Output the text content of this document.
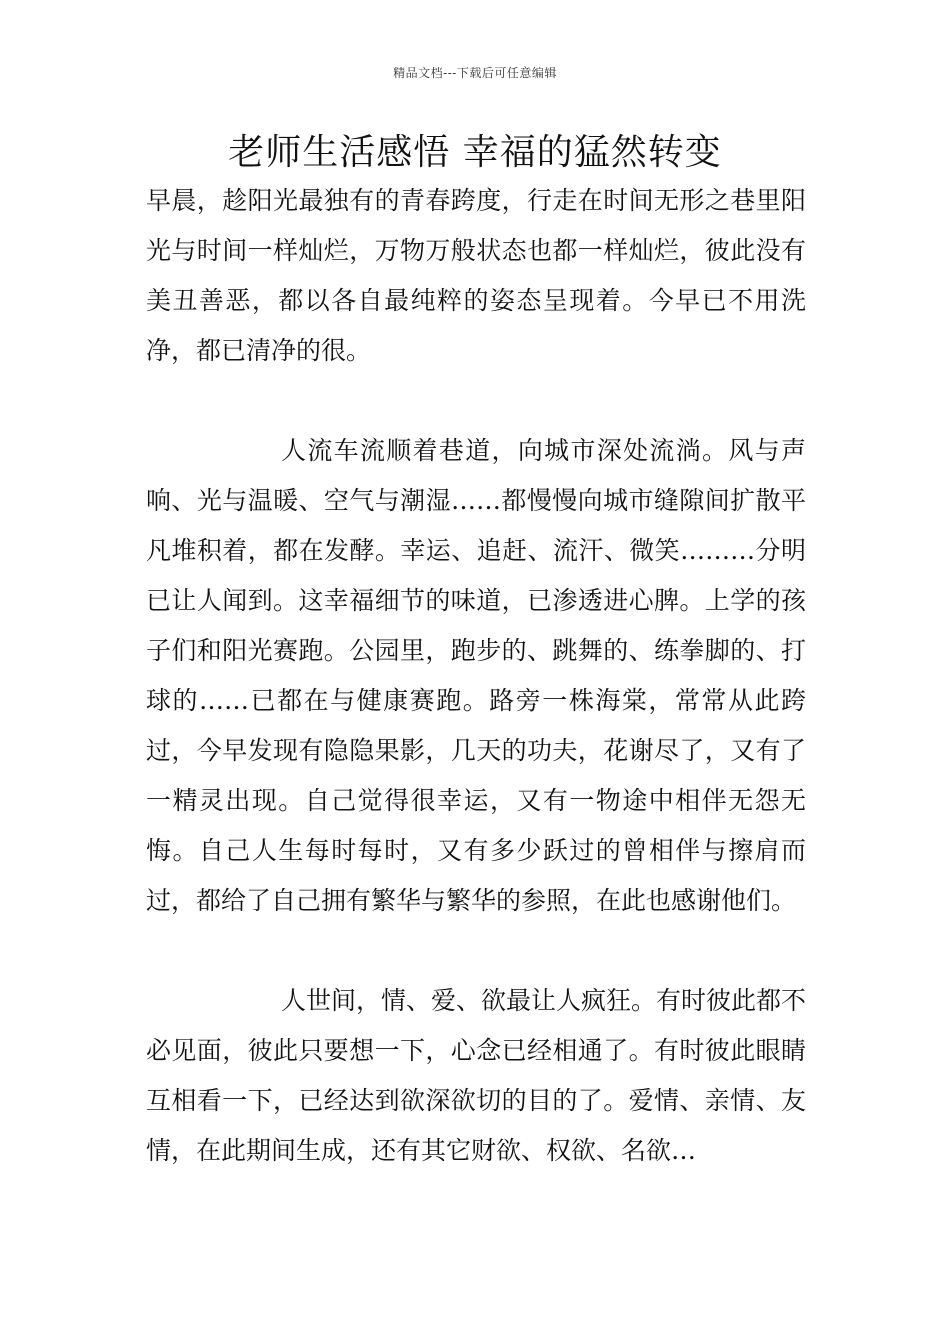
精品文档---下载后可任意编辑
老师生活感悟 幸福的猛然转变

早晨，趁阳光最独有的青春跨度，行走在时间无形之巷里阳光与时间一样灿烂，万物万般状态也都一样灿烂，彼此没有美丑善恶，都以各自最纯粹的姿态呈现着。今早已不用洗净，都已清净的很。

人流车流顺着巷道，向城市深处流淌。风与声响、光与温暖、空气与潮湿……都慢慢向城市缝隙间扩散平凡堆积着，都在发酵。幸运、追赶、流汗、微笑………分明已让人闻到。这幸福细节的味道，已渗透进心脾。上学的孩子们和阳光赛跑。公园里，跑步的、跳舞的、练拳脚的、打球的……已都在与健康赛跑。路旁一株海棠，常常从此跨过，今早发现有隐隐果影，几天的功夫，花谢尽了，又有了一精灵出现。自己觉得很幸运，又有一物途中相伴无怨无悔。自己人生每时每时，又有多少跃过的曾相伴与擦肩而过，都给了自己拥有繁华与繁华的参照，在此也感谢他们。

人世间，情、爱、欲最让人疯狂。有时彼此都不必见面，彼此只要想一下，心念已经相通了。有时彼此眼睛互相看一下，已经达到欲深欲切的目的了。爱情、亲情、友情，在此期间生成，还有其它财欲、权欲、名欲…
